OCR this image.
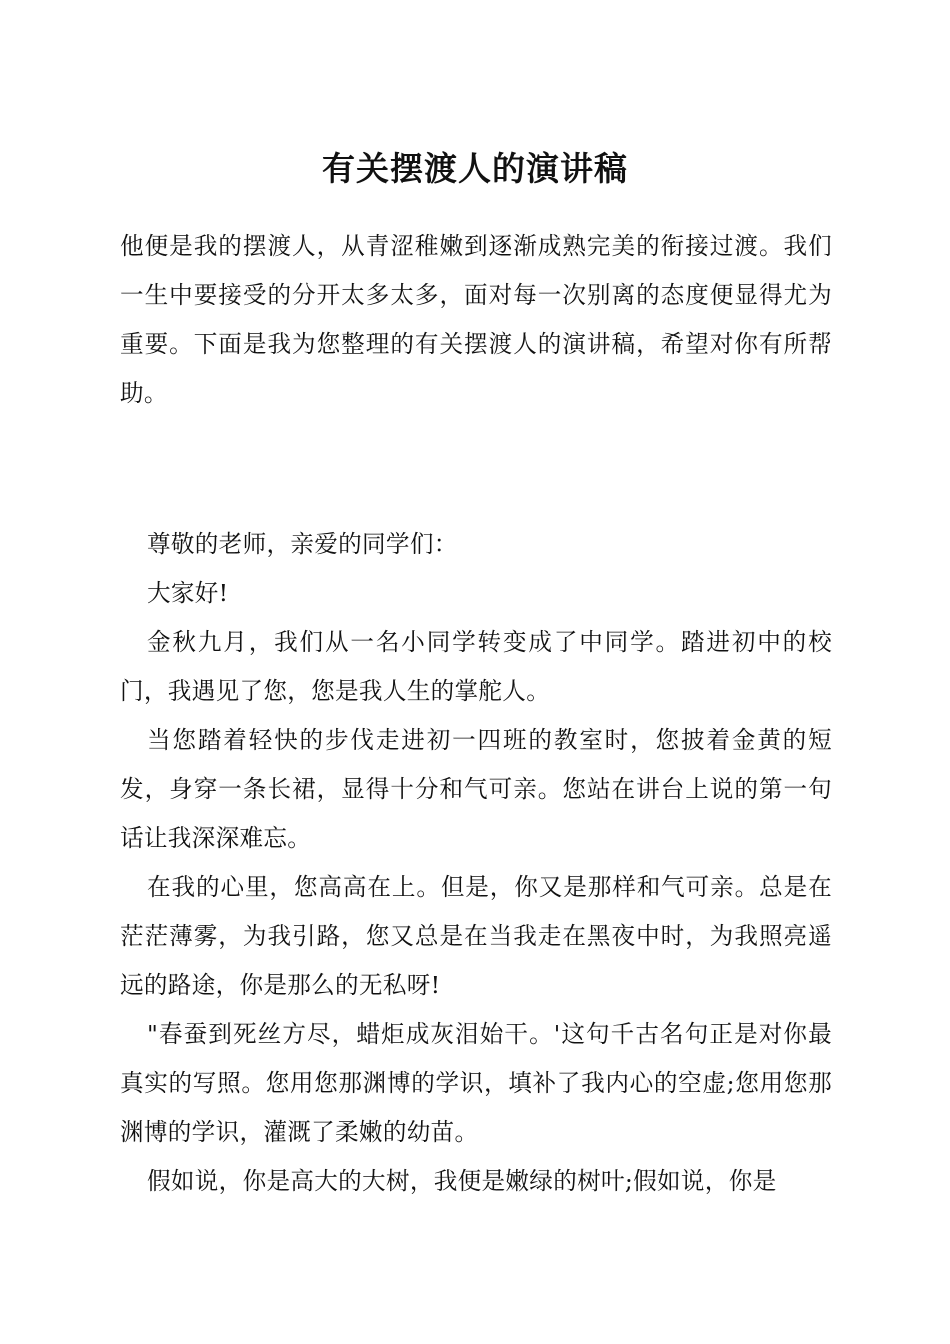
有关摆渡人的演讲稿

他便是我的摆渡人，从青涩稚嫩到逐渐成熟完美的衔接过渡。我们一生中要接受的分开太多太多，面对每一次别离的态度便显得尤为重要。下面是我为您整理的有关摆渡人的演讲稿，希望对你有所帮助。

尊敬的老师，亲爱的同学们：

大家好!

金秋九月，我们从一名小同学转变成了中同学。踏进初中的校门，我遇见了您，您是我人生的掌舵人。

当您踏着轻快的步伐走进初一四班的教室时，您披着金黄的短发，身穿一条长裙，显得十分和气可亲。您站在讲台上说的第一句话让我深深难忘。

在我的心里，您高高在上。但是，你又是那样和气可亲。总是在茫茫薄雾，为我引路，您又总是在当我走在黑夜中时，为我照亮遥远的路途，你是那么的无私呀!

"春蚕到死丝方尽，蜡炬成灰泪始干。'这句千古名句正是对你最真实的写照。您用您那渊博的学识，填补了我内心的空虚;您用您那渊博的学识，灌溉了柔嫩的幼苗。

假如说，你是高大的大树，我便是嫩绿的树叶;假如说，你是
